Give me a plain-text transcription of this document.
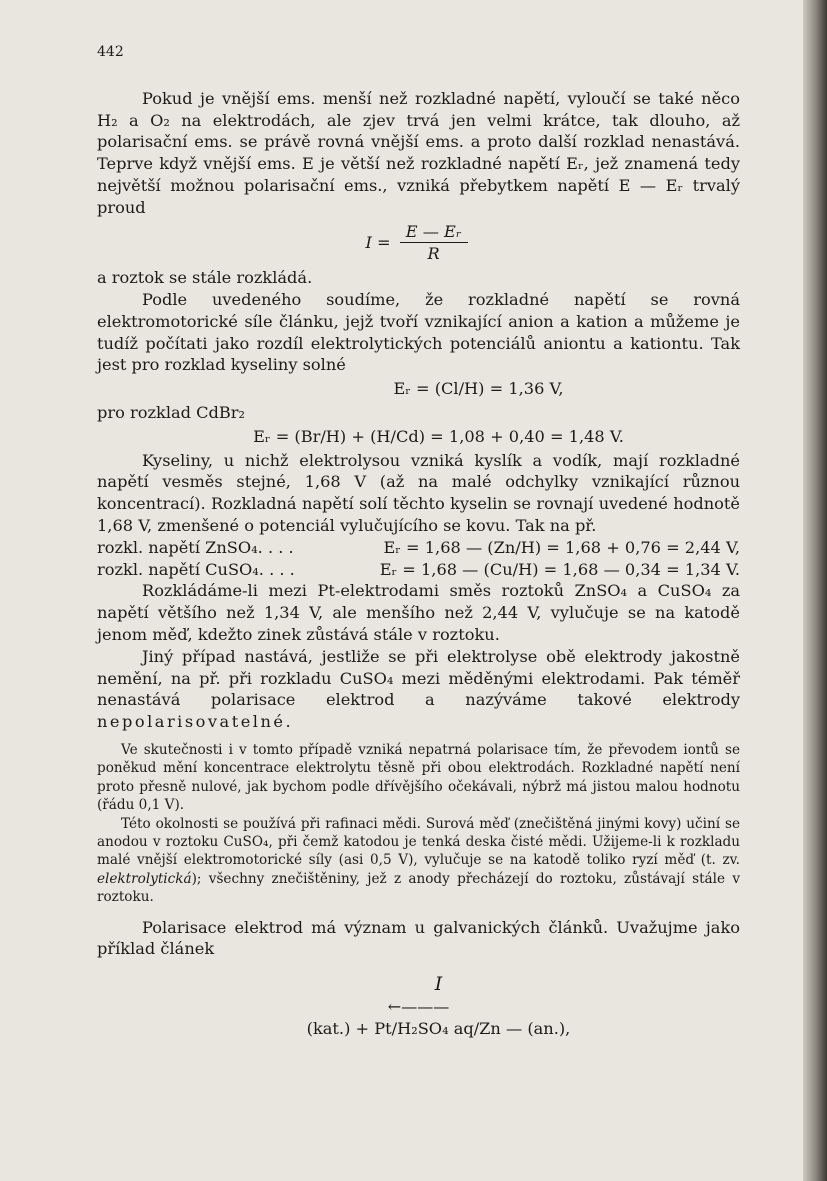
442

Pokud je vnější ems. menší než rozkladné napětí, vyloučí se také něco H₂ a O₂ na elektrodách, ale zjev trvá jen velmi krátce, tak dlouho, až polarisační ems. se právě rovná vnější ems. a proto další rozklad nenastává. Teprve když vnější ems. E je větší než rozkladné napětí Eᵣ, jež znamená tedy největší možnou polarisační ems., vzniká přebytkem napětí E — Eᵣ trvalý proud

$I = \frac{\text{E — Eᵣ}}{R}$

a roztok se stále rozkládá.

Podle uvedeného soudíme, že rozkladné napětí se rovná elektromotorické síle článku, jejž tvoří vznikající anion a kation a můžeme je tudíž počítati jako rozdíl elektrolytických potenciálů aniontu a kationtu. Tak jest pro rozklad kyseliny solné

Eᵣ = (Cl/H) = 1,36 V,

pro rozklad CdBr₂

Eᵣ = (Br/H) + (H/Cd) = 1,08 + 0,40 = 1,48 V.

Kyseliny, u nichž elektrolysou vzniká kyslík a vodík, mají rozkladné napětí vesměs stejné, 1,68 V (až na malé odchylky vznikající různou koncentrací). Rozkladná napětí solí těchto kyselin se rovnají uvedené hodnotě 1,68 V, zmenšené o potenciál vylučujícího se kovu. Tak na př.

rozkl. napětí ZnSO₄. . . .	Eᵣ = 1,68 — (Zn/H) = 1,68 + 0,76 = 2,44 V,
rozkl. napětí CuSO₄. . . .	Eᵣ = 1,68 — (Cu/H) = 1,68 — 0,34 = 1,34 V.

Rozkládáme-li mezi Pt-elektrodami směs roztoků ZnSO₄ a CuSO₄ za napětí většího než 1,34 V, ale menšího než 2,44 V, vylučuje se na katodě jenom měď, kdežto zinek zůstává stále v roztoku.

Jiný případ nastává, jestliže se při elektrolyse obě elektrody jakostně nemění, na př. při rozkladu CuSO₄ mezi měděnými elektrodami. Pak téměř nenastává polarisace elektrod a nazýváme takové elektrody nepolarisovatelné.

Ve skutečnosti i v tomto případě vzniká nepatrná polarisace tím, že převodem iontů se poněkud mění koncentrace elektrolytu těsně při obou elektrodách. Rozkladné napětí není proto přesně nulové, jak bychom podle dřívějšího očekávali, nýbrž má jistou malou hodnotu (řádu 0,1 V).

Této okolnosti se používá při rafinaci mědi. Surová měď (znečištěná jinými kovy) učiní se anodou v roztoku CuSO₄, při čemž katodou je tenká deska čisté mědi. Užijeme-li k rozkladu malé vnější elektromotorické síly (asi 0,5 V), vylučuje se na katodě toliko ryzí měď (t. zv. elektrolytická); všechny znečištěniny, jež z anody přecházejí do roztoku, zůstávají stále v roztoku.

Polarisace elektrod má význam u galvanických článků. Uvažujme jako příklad článek

I
←———
(kat.) + Pt/H₂SO₄ aq/Zn — (an.),
